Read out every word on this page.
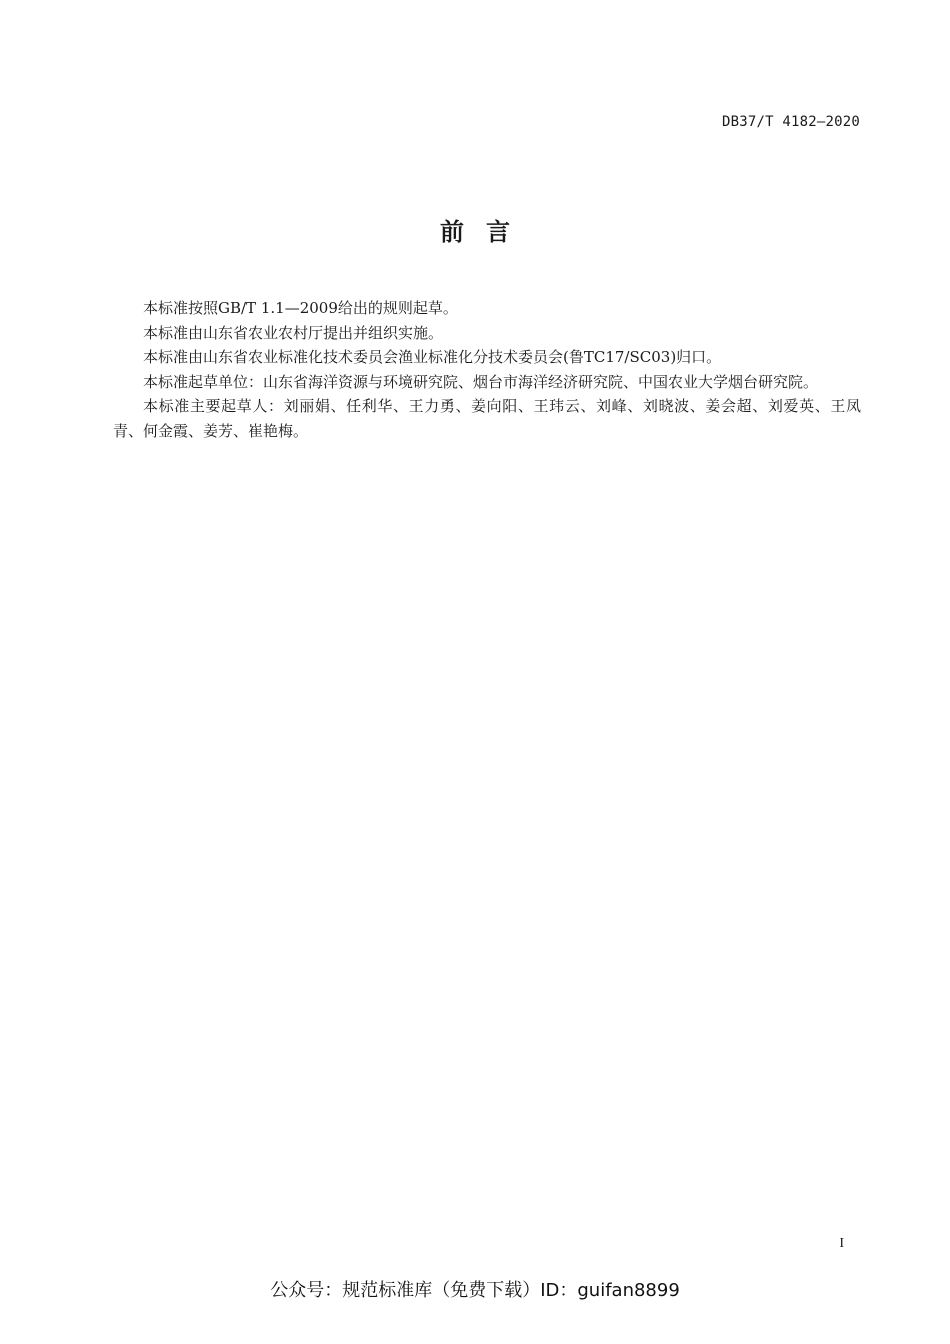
DB37/T 4182—2020
前言

本标准按照GB/T 1.1—2009给出的规则起草。

本标准由山东省农业农村厅提出并组织实施。

本标准由山东省农业标准化技术委员会渔业标准化分技术委员会(鲁TC17/SC03)归口。

本标准起草单位：山东省海洋资源与环境研究院、烟台市海洋经济研究院、中国农业大学烟台研究院。

本标准主要起草人：刘丽娟、任利华、王力勇、姜向阳、王玮云、刘峰、刘晓波、姜会超、刘爱英、王凤青、何金霞、姜芳、崔艳梅。

I
公众号：规范标准库（免费下载）ID：guifan8899
